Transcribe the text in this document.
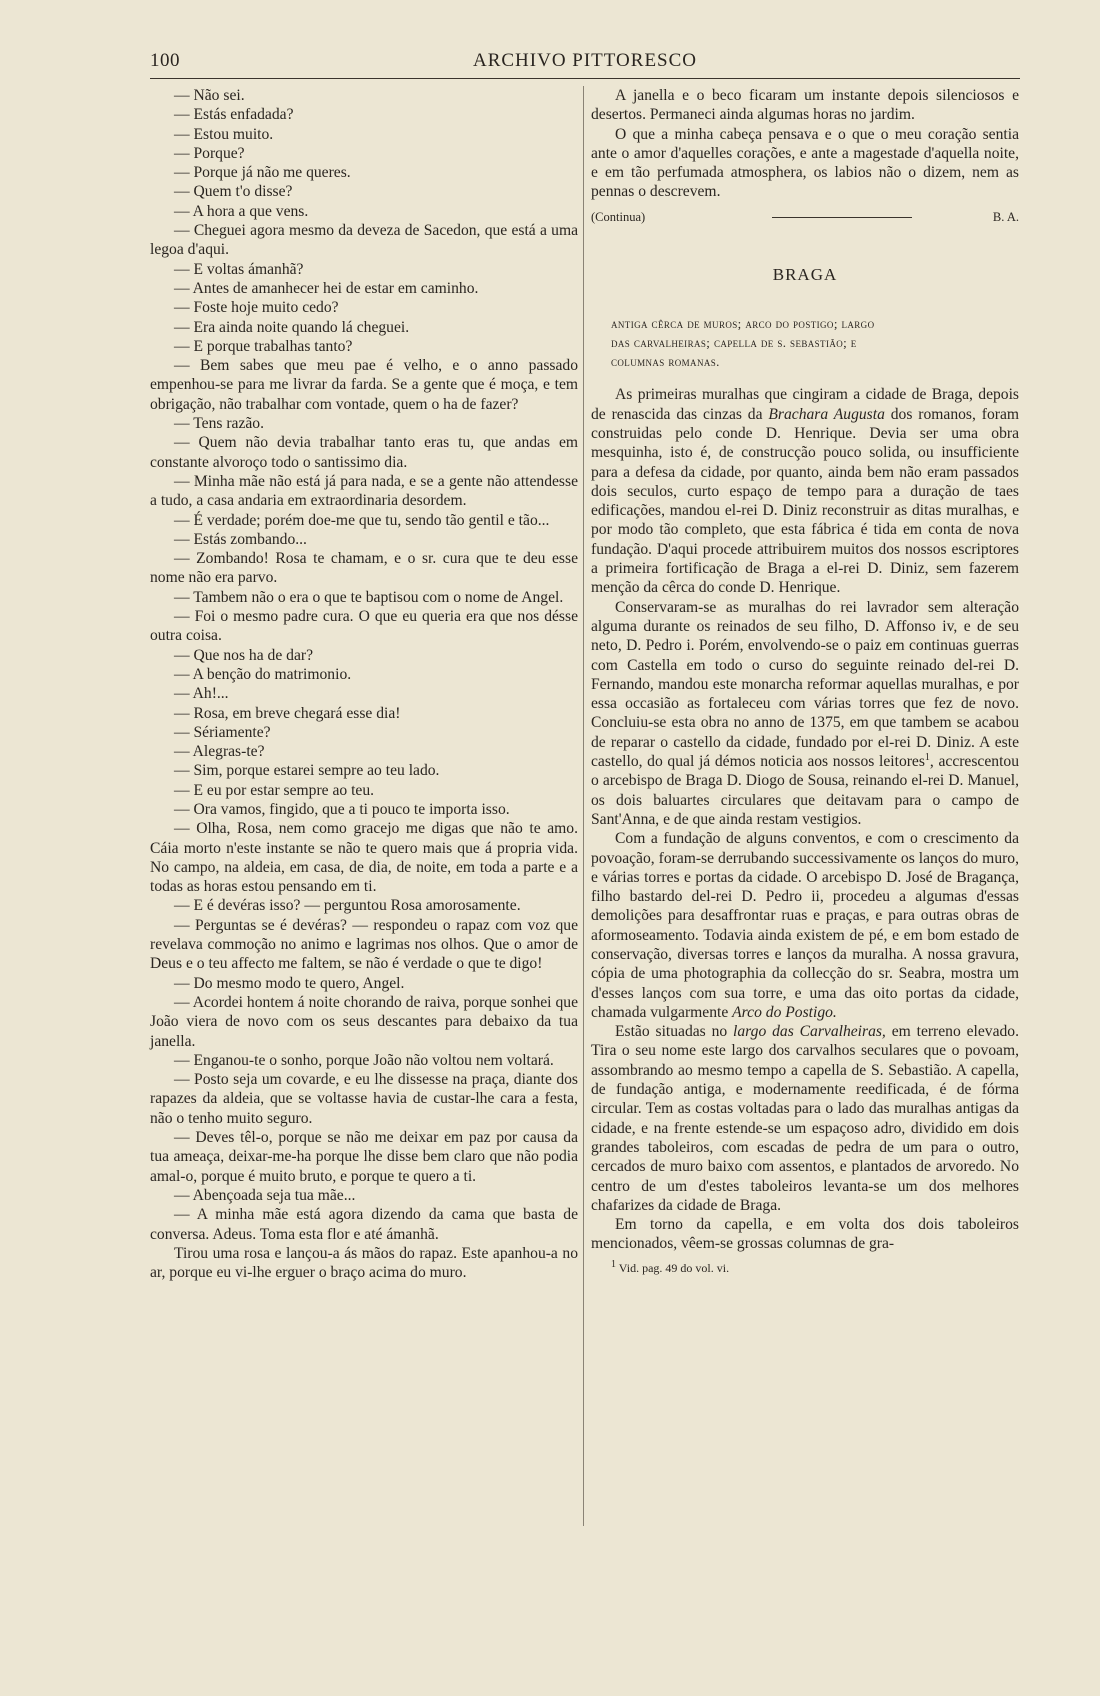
100	ARCHIVO PITTORESCO

— Não sei.

— Estás enfadada?

— Estou muito.

— Porque?

— Porque já não me queres.

— Quem t'o disse?

— A hora a que vens.

— Cheguei agora mesmo da deveza de Sacedon, que está a uma legoa d'aqui.

— E voltas ámanhã?

— Antes de amanhecer hei de estar em caminho.

— Foste hoje muito cedo?

— Era ainda noite quando lá cheguei.

— E porque trabalhas tanto?

— Bem sabes que meu pae é velho, e o anno passado empenhou-se para me livrar da farda. Se a gente que é moça, e tem obrigação, não trabalhar com vontade, quem o ha de fazer?

— Tens razão.

— Quem não devia trabalhar tanto eras tu, que andas em constante alvoroço todo o santissimo dia.

— Minha mãe não está já para nada, e se a gente não attendesse a tudo, a casa andaria em extraordinaria desordem.

— É verdade; porém doe-me que tu, sendo tão gentil e tão...

— Estás zombando...

— Zombando! Rosa te chamam, e o sr. cura que te deu esse nome não era parvo.

— Tambem não o era o que te baptisou com o nome de Angel.

— Foi o mesmo padre cura. O que eu queria era que nos désse outra coisa.

— Que nos ha de dar?

— A benção do matrimonio.

— Ah!...

— Rosa, em breve chegará esse dia!

— Sériamente?

— Alegras-te?

— Sim, porque estarei sempre ao teu lado.

— E eu por estar sempre ao teu.

— Ora vamos, fingido, que a ti pouco te importa isso.

— Olha, Rosa, nem como gracejo me digas que não te amo. Cáia morto n'este instante se não te quero mais que á propria vida. No campo, na aldeia, em casa, de dia, de noite, em toda a parte e a todas as horas estou pensando em ti.

— E é devéras isso? — perguntou Rosa amorosamente.

— Perguntas se é devéras? — respondeu o rapaz com voz que revelava commoção no animo e lagrimas nos olhos. Que o amor de Deus e o teu affecto me faltem, se não é verdade o que te digo!

— Do mesmo modo te quero, Angel.

— Acordei hontem á noite chorando de raiva, porque sonhei que João viera de novo com os seus descantes para debaixo da tua janella.

— Enganou-te o sonho, porque João não voltou nem voltará.

— Posto seja um covarde, e eu lhe dissesse na praça, diante dos rapazes da aldeia, que se voltasse havia de custar-lhe cara a festa, não o tenho muito seguro.

— Deves têl-o, porque se não me deixar em paz por causa da tua ameaça, deixar-me-ha porque lhe disse bem claro que não podia amal-o, porque é muito bruto, e porque te quero a ti.

— Abençoada seja tua mãe...

— A minha mãe está agora dizendo da cama que basta de conversa. Adeus. Toma esta flor e até ámanhã.

Tirou uma rosa e lançou-a ás mãos do rapaz. Este apanhou-a no ar, porque eu vi-lhe erguer o braço acima do muro.

A janella e o beco ficaram um instante depois silenciosos e desertos. Permaneci ainda algumas horas no jardim.

O que a minha cabeça pensava e o que o meu coração sentia ante o amor d'aquelles corações, e ante a magestade d'aquella noite, e em tão perfumada atmosphera, os labios não o dizem, nem as pennas o descrevem.

(Continua)	B. A.
BRAGA

antiga cêrca de muros; arco do postigo; largo
das carvalheiras; capella de s. sebastião; e
columnas romanas.

As primeiras muralhas que cingiram a cidade de Braga, depois de renascida das cinzas da Brachara Augusta dos romanos, foram construidas pelo conde D. Henrique. Devia ser uma obra mesquinha, isto é, de construcção pouco solida, ou insufficiente para a defesa da cidade, por quanto, ainda bem não eram passados dois seculos, curto espaço de tempo para a duração de taes edificações, mandou el-rei D. Diniz reconstruir as ditas muralhas, e por modo tão completo, que esta fábrica é tida em conta de nova fundação. D'aqui procede attribuirem muitos dos nossos escriptores a primeira fortificação de Braga a el-rei D. Diniz, sem fazerem menção da cêrca do conde D. Henrique.

Conservaram-se as muralhas do rei lavrador sem alteração alguma durante os reinados de seu filho, D. Affonso iv, e de seu neto, D. Pedro i. Porém, envolvendo-se o paiz em continuas guerras com Castella em todo o curso do seguinte reinado del-rei D. Fernando, mandou este monarcha reformar aquellas muralhas, e por essa occasião as fortaleceu com várias torres que fez de novo. Concluiu-se esta obra no anno de 1375, em que tambem se acabou de reparar o castello da cidade, fundado por el-rei D. Diniz. A este castello, do qual já démos noticia aos nossos leitores$^1$, accrescentou o arcebispo de Braga D. Diogo de Sousa, reinando el-rei D. Manuel, os dois baluartes circulares que deitavam para o campo de Sant'Anna, e de que ainda restam vestigios.

Com a fundação de alguns conventos, e com o crescimento da povoação, foram-se derrubando successivamente os lanços do muro, e várias torres e portas da cidade. O arcebispo D. José de Bragança, filho bastardo del-rei D. Pedro ii, procedeu a algumas d'essas demolições para desaffrontar ruas e praças, e para outras obras de aformoseamento. Todavia ainda existem de pé, e em bom estado de conservação, diversas torres e lanços da muralha. A nossa gravura, cópia de uma photographia da collecção do sr. Seabra, mostra um d'esses lanços com sua torre, e uma das oito portas da cidade, chamada vulgarmente Arco do Postigo.

Estão situadas no largo das Carvalheiras, em terreno elevado. Tira o seu nome este largo dos carvalhos seculares que o povoam, assombrando ao mesmo tempo a capella de S. Sebastião. A capella, de fundação antiga, e modernamente reedificada, é de fórma circular. Tem as costas voltadas para o lado das muralhas antigas da cidade, e na frente estende-se um espaçoso adro, dividido em dois grandes taboleiros, com escadas de pedra de um para o outro, cercados de muro baixo com assentos, e plantados de arvoredo. No centro de um d'estes taboleiros levanta-se um dos melhores chafarizes da cidade de Braga.

Em torno da capella, e em volta dos dois taboleiros mencionados, vêem-se grossas columnas de gra-

$^1$ Vid. pag. 49 do vol. vi.
